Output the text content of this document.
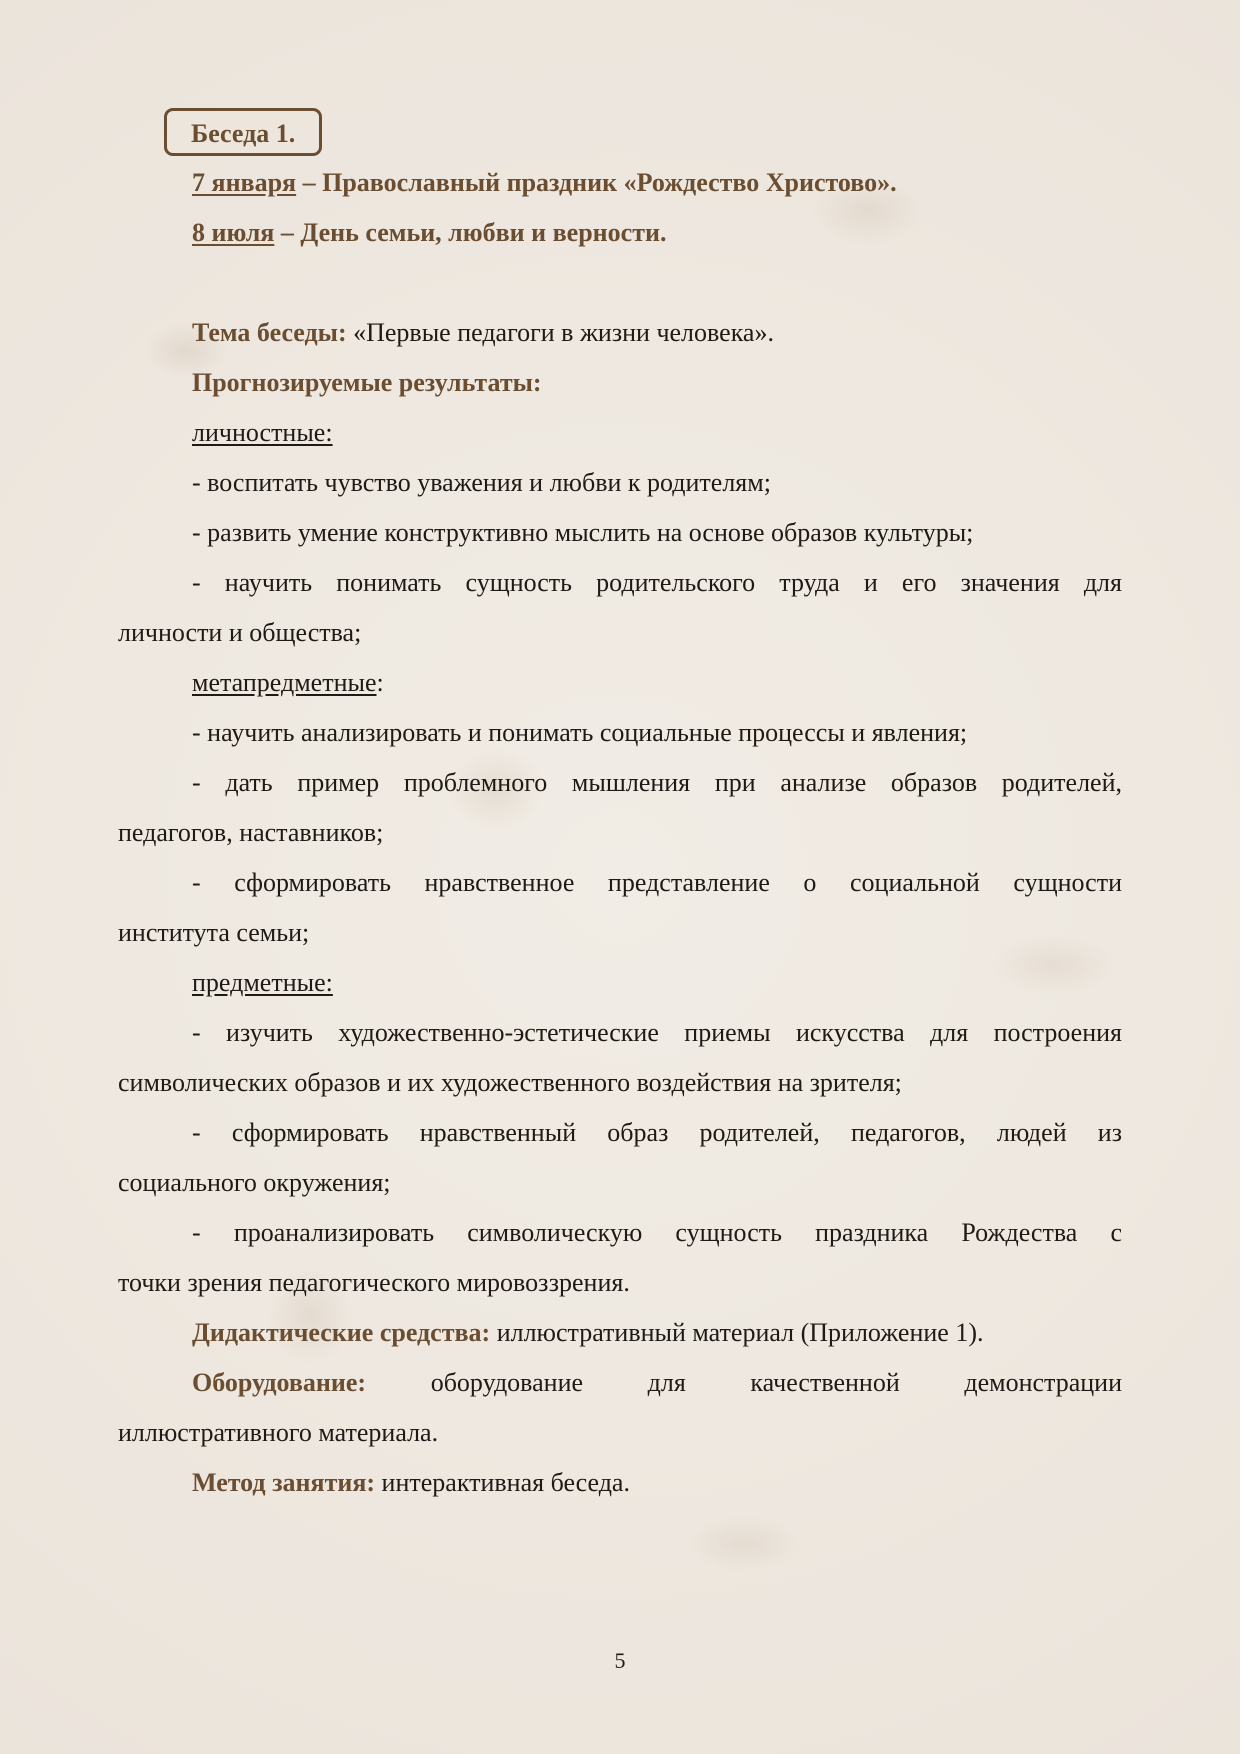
Беседа 1.
7 января – Православный праздник «Рождество Христово».
8 июля – День семьи, любви и верности.
Тема беседы: «Первые педагоги в жизни человека».
Прогнозируемые результаты:
личностные:
- воспитать чувство уважения и любви к родителям;
- развить умение конструктивно мыслить на основе образов культуры;
- научить понимать сущность родительского труда и его значения для
личности и общества;
метапредметные:
- научить анализировать и понимать социальные процессы и явления;
- дать пример проблемного мышления при анализе образов родителей,
педагогов, наставников;
- сформировать нравственное представление о социальной сущности
института семьи;
предметные:
- изучить художественно-эстетические приемы искусства для построения
символических образов и их художественного воздействия на зрителя;
- сформировать нравственный образ родителей, педагогов, людей из
социального окружения;
- проанализировать символическую сущность праздника Рождества с
точки зрения педагогического мировоззрения.
Дидактические средства: иллюстративный материал (Приложение 1).
Оборудование: оборудование для качественной демонстрации
иллюстративного материала.
Метод занятия: интерактивная беседа.
5
